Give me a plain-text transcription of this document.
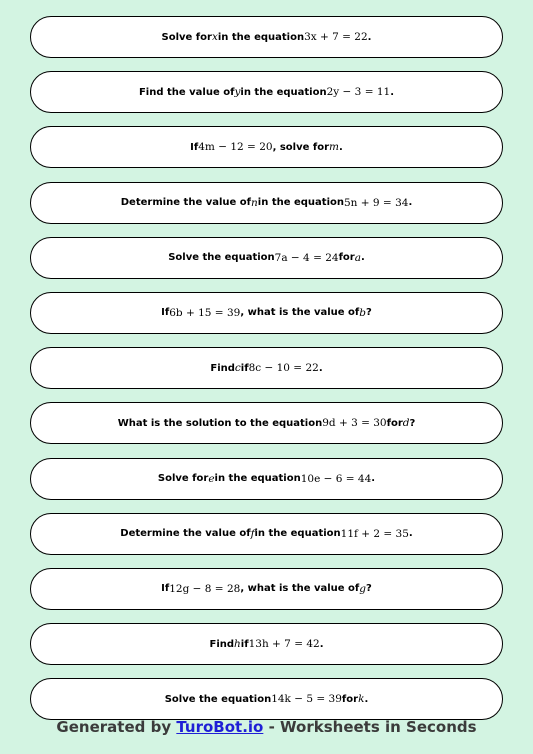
Solve for x in the equation 3x + 7 = 22 .
Find the value of y in the equation 2y − 3 = 11 .
If 4m − 12 = 20 , solve for m .
Determine the value of n in the equation 5n + 9 = 34 .
Solve the equation 7a − 4 = 24 for a .
If 6b + 15 = 39 , what is the value of b ?
Find c if 8c − 10 = 22 .
What is the solution to the equation 9d + 3 = 30 for d ?
Solve for e in the equation 10e − 6 = 44 .
Determine the value of f in the equation 11f + 2 = 35 .
If 12g − 8 = 28 , what is the value of g ?
Find h if 13h + 7 = 42 .
Solve the equation 14k − 5 = 39 for k .
Generated by TuroBot.io - Worksheets in Seconds
